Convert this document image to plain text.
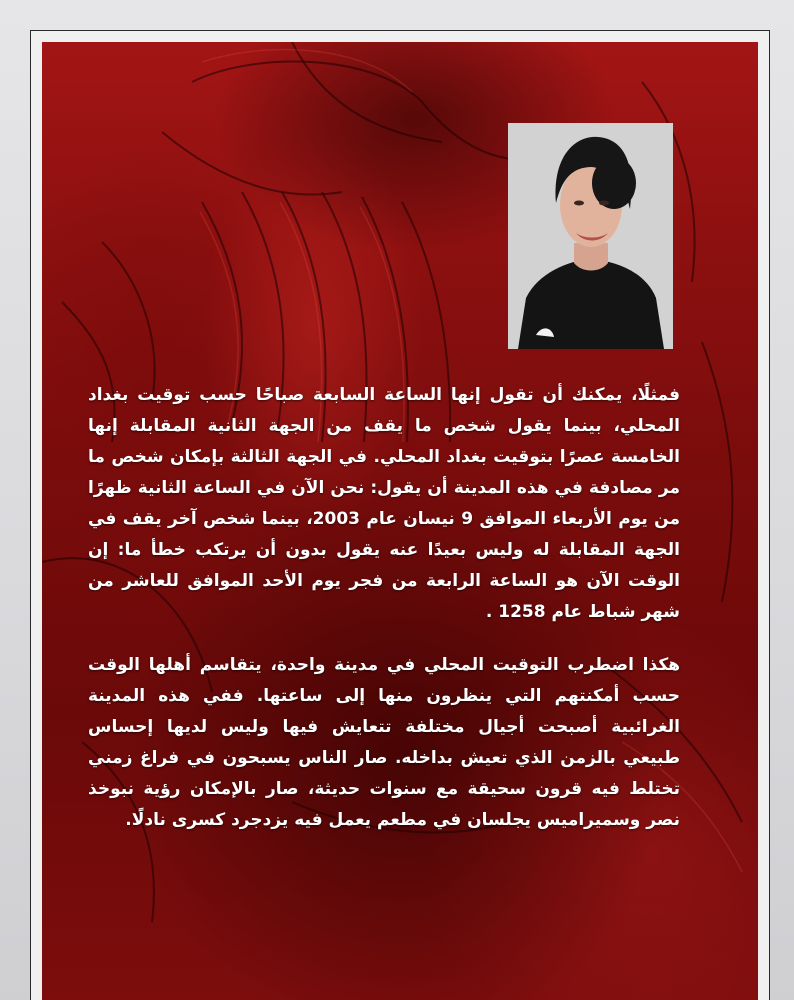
فمثلًا، يمكنك أن تقول إنها الساعة السابعة صباحًا حسب توقيت بغداد المحلي، بينما يقول شخص ما يقف من الجهة الثانية المقابلة إنها الخامسة عصرًا بتوقيت بغداد المحلي. في الجهة الثالثة بإمكان شخص ما مر مصادفة في هذه المدينة أن يقول: نحن الآن في الساعة الثانية ظهرًا من يوم الأربعاء الموافق 9 نيسان عام 2003، بينما شخص آخر يقف في الجهة المقابلة له وليس بعيدًا عنه يقول بدون أن يرتكب خطأ ما: إن الوقت الآن هو الساعة الرابعة من فجر يوم الأحد الموافق للعاشر من شهر شباط عام 1258 .

هكذا اضطرب التوقيت المحلي في مدينة واحدة، يتقاسم أهلها الوقت حسب أمكنتهم التي ينظرون منها إلى ساعتها. ففي هذه المدينة الغرائبية أصبحت أجيال مختلفة تتعايش فيها وليس لديها إحساس طبيعي بالزمن الذي تعيش بداخله. صار الناس يسبحون في فراغ زمني تختلط فيه قرون سحيقة مع سنوات حديثة، صار بالإمكان رؤية نبوخذ نصر وسميراميس يجلسان في مطعم يعمل فيه يزدجرد كسرى نادلًا.
